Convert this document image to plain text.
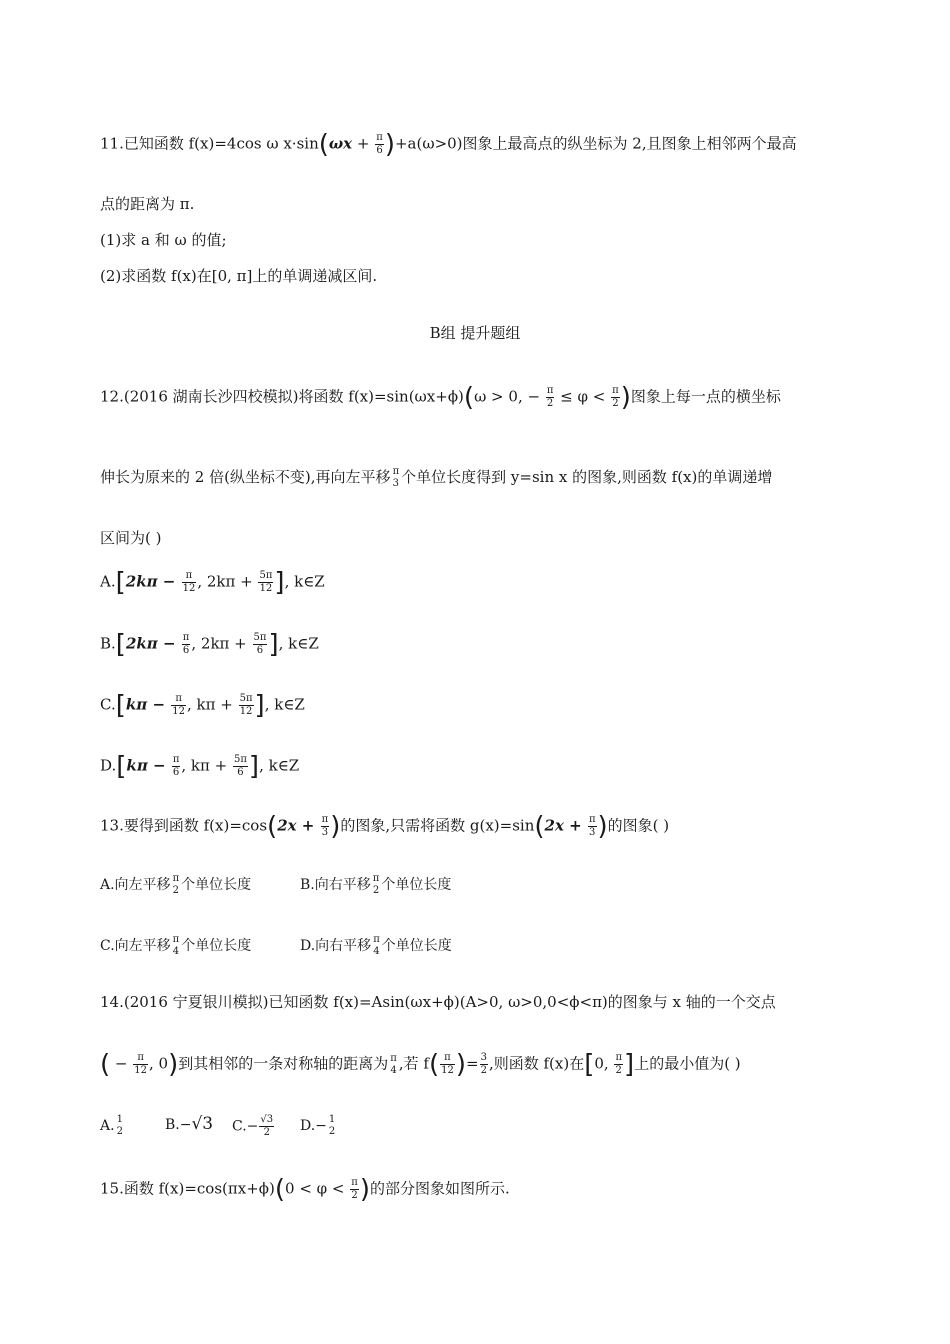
11.已知函数 f(x)=4cos ω $x\cdot\sin(\omega x + \frac{\pi}{6} )+a(\omega>0)$图象上最高点的纵坐标为 2,且图象上相邻两个最高
点的距离为 π.
(1)求 a 和 ω 的值;
(2)求函数 f(x)在[0, π]上的单调递减区间.
B组 提升题组
12.(2016 湖南长沙四校模拟)将函数 f(x)=sin(ωx+ϕ)(ω > 0, − $\frac{\pi}{2} \le \varphi < \frac{\pi}{2}$ )图象上每一点的横坐标
伸长为原来的 2 倍(纵坐标不变),再向左平移 π
3 个单位长度得到 y=sin x 的图象,则函数 f(x)的单调递增
区间为( )
$A.[2k\pi - \frac{\pi}{12}$ , $2k\pi + \frac{5\pi}{12}$ ], k∈Z
$B.[2k\pi - \frac{\pi}{6}$ , $2k\pi + \frac{5\pi}{6}$ ], k∈Z
$C.[k\pi - \frac{\pi}{12}$ , $k\pi + \frac{5\pi}{12}$ ], k∈Z
$D.[k\pi - \frac{\pi}{6}$ , $k\pi + \frac{5\pi}{6}$ ], k∈Z
13.要得到函数 $f(x)=\cos(2x + \frac{\pi}{3}$ )的图象,只需将函数 $g(x)=\sin(2x + \frac{\pi}{3}$ )的图象( )
A.向左平移 π
2 个单位长度	B.向右平移 π
2 个单位长度
C.向左平移 π
4 个单位长度	D.向右平移 π
4 个单位长度
14.(2016 宁夏银川模拟)已知函数 f(x)=Asin(ωx+ϕ)(A>0, ω>0,0<ϕ<π)的图象与 x 轴的一个交点
( − $\frac{\pi}{12}$ , 0)到其相邻的一条对称轴的距离为 π
4 ,若 $f( \frac{\pi}{12}$ )= $\frac{3}{2}$ ,则函数 f(x)在[0, $\frac{\pi}{2}$ ]上的最小值为( )
A. 1
2	B.−√3 $C.- \frac{√3}{2} D.- 1$
2
15.函数 $f(x)=\cos(\pi x+\phi)(0 < \varphi < \frac{\pi}{2}$ )的部分图象如图所示.
